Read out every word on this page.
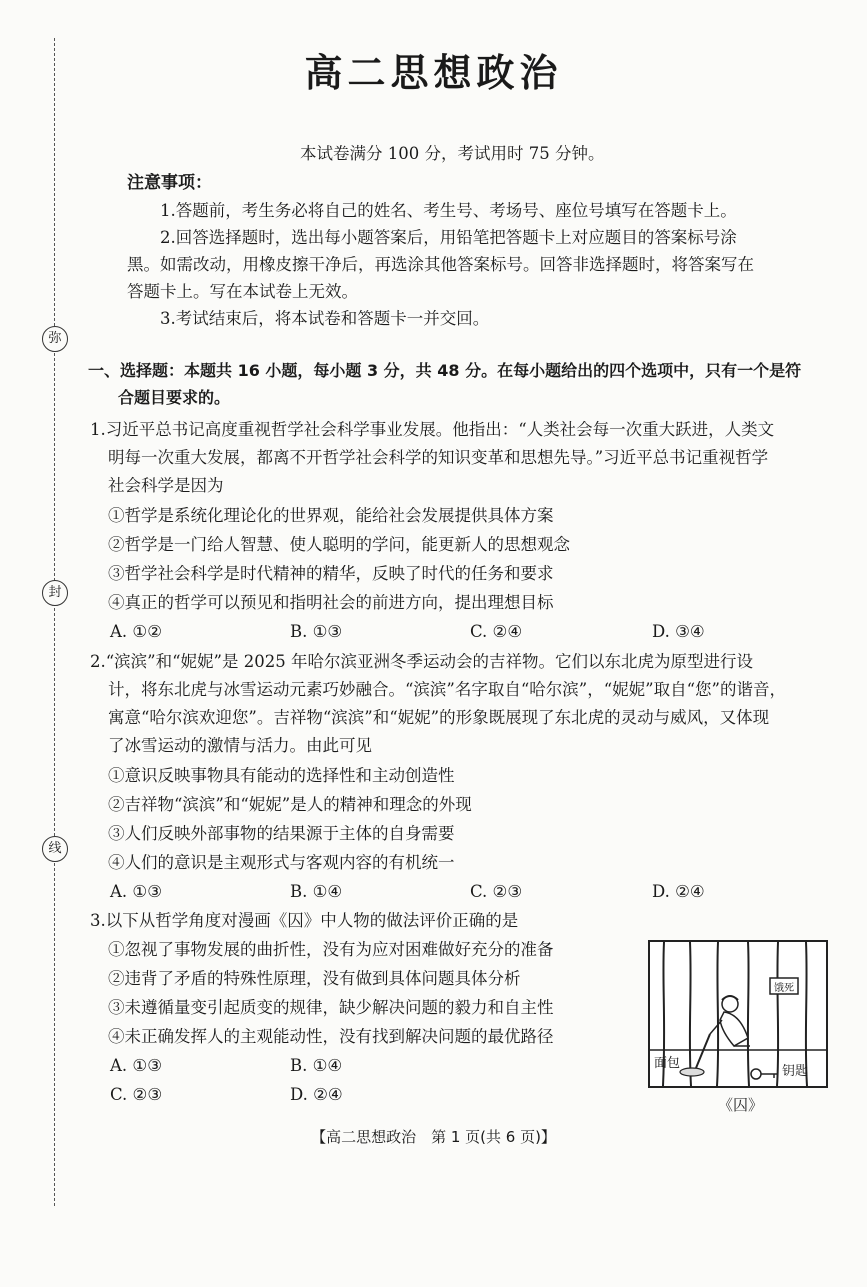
弥
封
线
高二思想政治
本试卷满分 100 分，考试用时 75 分钟。
注意事项：
1.答题前，考生务必将自己的姓名、考生号、考场号、座位号填写在答题卡上。
2.回答选择题时，选出每小题答案后，用铅笔把答题卡上对应题目的答案标号涂
黑。如需改动，用橡皮擦干净后，再选涂其他答案标号。回答非选择题时，将答案写在
答题卡上。写在本试卷上无效。
3.考试结束后，将本试卷和答题卡一并交回。
一、选择题：本题共 16 小题，每小题 3 分，共 48 分。在每小题给出的四个选项中，只有一个是符
合题目要求的。
1.习近平总书记高度重视哲学社会科学事业发展。他指出：“人类社会每一次重大跃进，人类文
明每一次重大发展，都离不开哲学社会科学的知识变革和思想先导。”习近平总书记重视哲学
社会科学是因为
①哲学是系统化理论化的世界观，能给社会发展提供具体方案
②哲学是一门给人智慧、使人聪明的学问，能更新人的思想观念
③哲学社会科学是时代精神的精华，反映了时代的任务和要求
④真正的哲学可以预见和指明社会的前进方向，提出理想目标
A. ①②	B. ①③	C. ②④	D. ③④
2.“滨滨”和“妮妮”是 2025 年哈尔滨亚洲冬季运动会的吉祥物。它们以东北虎为原型进行设
计，将东北虎与冰雪运动元素巧妙融合。“滨滨”名字取自“哈尔滨”，“妮妮”取自“您”的谐音，
寓意“哈尔滨欢迎您”。吉祥物“滨滨”和“妮妮”的形象既展现了东北虎的灵动与威风，又体现
了冰雪运动的激情与活力。由此可见
①意识反映事物具有能动的选择性和主动创造性
②吉祥物“滨滨”和“妮妮”是人的精神和理念的外现
③人们反映外部事物的结果源于主体的自身需要
④人们的意识是主观形式与客观内容的有机统一
A. ①③	B. ①④	C. ②③	D. ②④
3.以下从哲学角度对漫画《囚》中人物的做法评价正确的是
①忽视了事物发展的曲折性，没有为应对困难做好充分的准备
②违背了矛盾的特殊性原理，没有做到具体问题具体分析
③未遵循量变引起质变的规律，缺少解决问题的毅力和自主性
④未正确发挥人的主观能动性，没有找到解决问题的最优路径
A. ①③	B. ①④
C. ②③	D. ②④
饿死
面包
钥匙
《囚》
【高二思想政治　第 1 页(共 6 页)】
